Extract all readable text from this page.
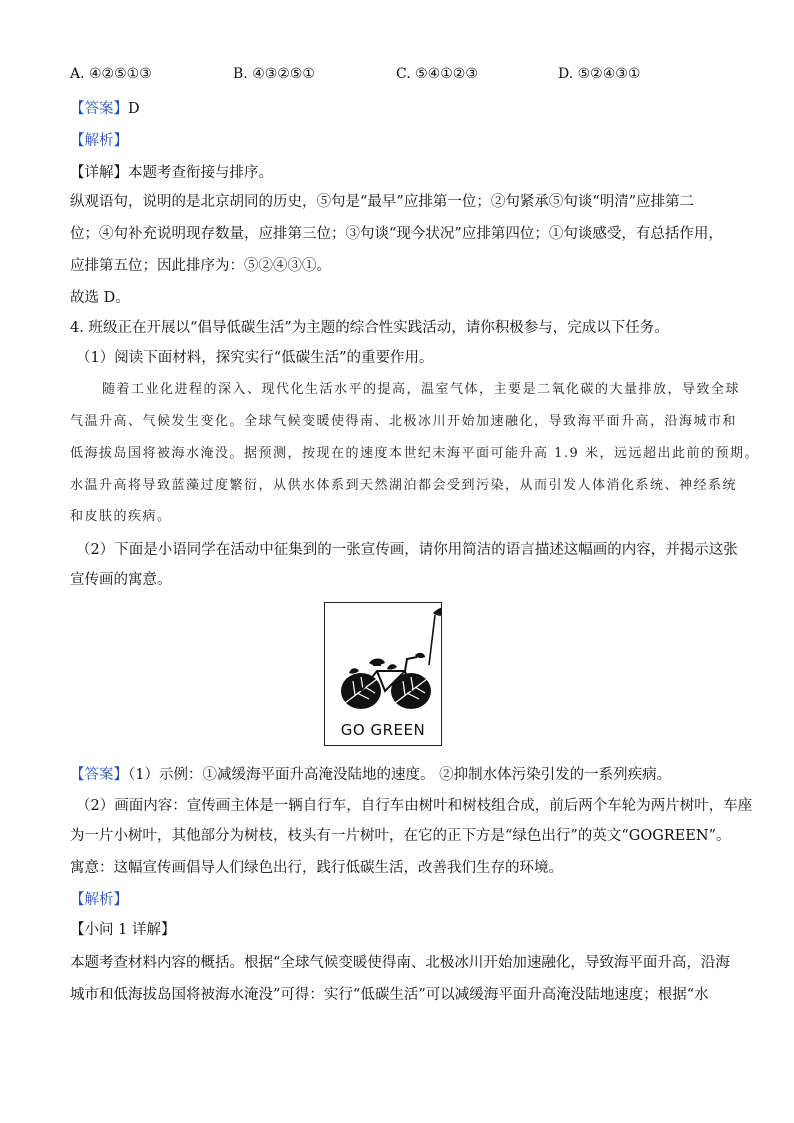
A. ④②⑤①③	B. ④③②⑤①	C. ⑤④①②③	D. ⑤②④③①
【答案】D
【解析】
【详解】本题考查衔接与排序。
纵观语句，说明的是北京胡同的历史，⑤句是“最早”应排第一位；②句紧承⑤句谈“明清”应排第二
位；④句补充说明现存数量，应排第三位；③句谈“现今状况”应排第四位；①句谈感受，有总括作用，
应排第五位；因此排序为：⑤②④③①。
故选 D。
4. 班级正在开展以“倡导低碳生活”为主题的综合性实践活动，请你积极参与，完成以下任务。
（1）阅读下面材料，探究实行“低碳生活”的重要作用。
随着工业化进程的深入、现代化生活水平的提高，温室气体，主要是二氧化碳的大量排放，导致全球
气温升高、气候发生变化。全球气候变暖使得南、北极冰川开始加速融化，导致海平面升高，沿海城市和
低海拔岛国将被海水淹没。据预测，按现在的速度本世纪末海平面可能升高 1.9 米，远远超出此前的预期。
水温升高将导致蓝藻过度繁衍，从供水体系到天然湖泊都会受到污染，从而引发人体消化系统、神经系统
和皮肤的疾病。
（2）下面是小语同学在活动中征集到的一张宣传画，请你用简洁的语言描述这幅画的内容，并揭示这张
宣传画的寓意。
GO GREEN
【答案】（1）示例：①减缓海平面升高淹没陆地的速度。 ②抑制水体污染引发的一系列疾病。
（2）画面内容：宣传画主体是一辆自行车，自行车由树叶和树枝组合成，前后两个车轮为两片树叶，车座
为一片小树叶，其他部分为树枝，枝头有一片树叶，在它的正下方是“绿色出行”的英文“GOGREEN”。
寓意：这幅宣传画倡导人们绿色出行，践行低碳生活，改善我们生存的环境。
【解析】
【小问 1 详解】
本题考查材料内容的概括。根据“全球气候变暖使得南、北极冰川开始加速融化，导致海平面升高，沿海
城市和低海拔岛国将被海水淹没”可得：实行“低碳生活”可以减缓海平面升高淹没陆地速度；根据“水
